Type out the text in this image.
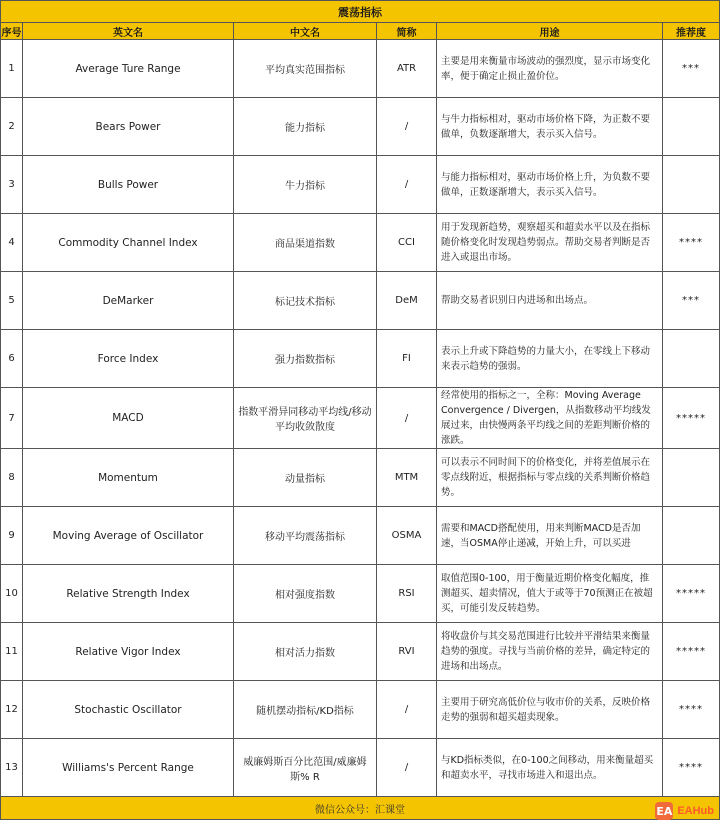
震荡指标					
序号	英文名	中文名	简称	用途	推荐度
1	Average Ture Range	平均真实范围指标	ATR	主要是用来衡量市场波动的强烈度，显示市场变化率，便于确定止损止盈价位。	***
2	Bears Power	能力指标	/	与牛力指标相对，驱动市场价格下降，为正数不要做单，负数逐渐增大，表示买入信号。	
3	Bulls Power	牛力指标	/	与能力指标相对，驱动市场价格上升，为负数不要做单，正数逐渐增大，表示买入信号。	
4	Commodity Channel Index	商品渠道指数	CCI	用于发现新趋势，观察超买和超卖水平以及在指标随价格变化时发现趋势弱点。帮助交易者判断是否进入或退出市场。	****
5	DeMarker	标记技术指标	DeM	帮助交易者识别日内进场和出场点。	***
6	Force Index	强力指数指标	FI	表示上升或下降趋势的力量大小，在零线上下移动来表示趋势的强弱。	
7	MACD	指数平滑异同移动平均线/移动平均收敛散度	/	经常使用的指标之一，全称：Moving Average Convergence / Divergen，从指数移动平均线发展过来，由快慢两条平均线之间的差距判断价格的涨跌。	*****
8	Momentum	动量指标	MTM	可以表示不同时间下的价格变化，并将差值展示在零点线附近，根据指标与零点线的关系判断价格趋势。	
9	Moving Average of Oscillator	移动平均震荡指标	OSMA	需要和MACD搭配使用，用来判断MACD是否加速，当OSMA停止递减，开始上升，可以买进	
10	Relative Strength Index	相对强度指数	RSI	取值范围0-100，用于衡量近期价格变化幅度，推测超买、超卖情况，值大于或等于70预测正在被超买，可能引发反转趋势。	*****
11	Relative Vigor Index	相对活力指数	RVI	将收盘价与其交易范围进行比较并平滑结果来衡量趋势的强度。寻找与当前价格的差异，确定特定的进场和出场点。	*****
12	Stochastic Oscillator	随机摆动指标/KD指标	/	主要用于研究高低价位与收市价的关系，反映价格走势的强弱和超买超卖现象。	****
13	Williams's Percent Range	威廉姆斯百分比范围/威廉姆斯% R	/	与KD指标类似，在0-100之间移动，用来衡量超买和超卖水平，寻找市场进入和退出点。	****
微信公众号：汇课堂						EA EAHub
